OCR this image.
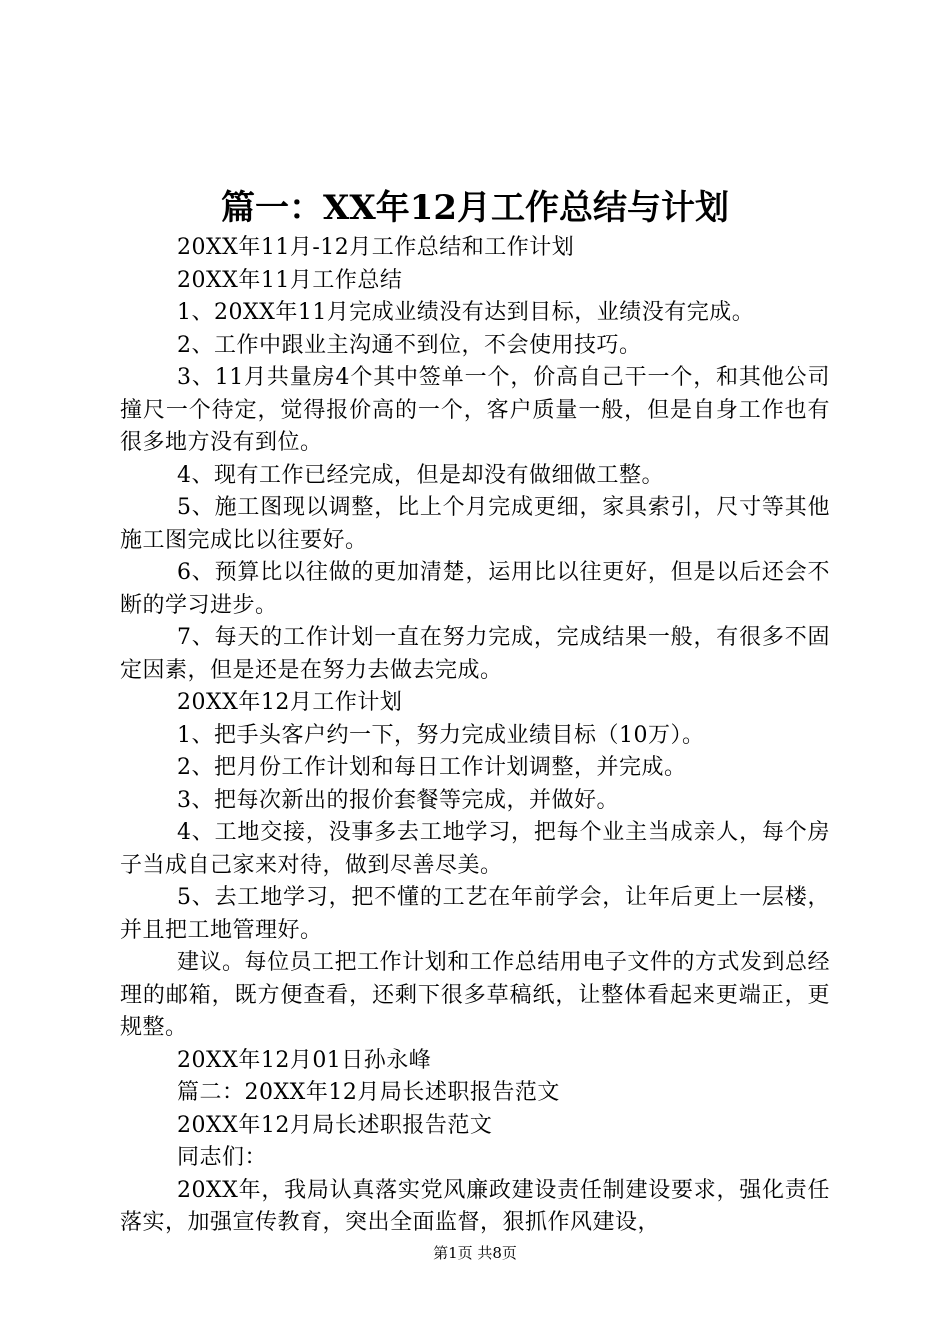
篇一：XX年12月工作总结与计划

20XX年11月-12月工作总结和工作计划

20XX年11月工作总结

1、20XX年11月完成业绩没有达到目标，业绩没有完成。

2、工作中跟业主沟通不到位，不会使用技巧。

3、11月共量房4个其中签单一个，价高自己干一个，和其他公司撞尺一个待定，觉得报价高的一个，客户质量一般，但是自身工作也有很多地方没有到位。

4、现有工作已经完成，但是却没有做细做工整。

5、施工图现以调整，比上个月完成更细，家具索引，尺寸等其他施工图完成比以往要好。

6、预算比以往做的更加清楚，运用比以往更好，但是以后还会不断的学习进步。

7、每天的工作计划一直在努力完成，完成结果一般，有很多不固定因素，但是还是在努力去做去完成。

20XX年12月工作计划

1、把手头客户约一下，努力完成业绩目标（10万）。

2、把月份工作计划和每日工作计划调整，并完成。

3、把每次新出的报价套餐等完成，并做好。

4、工地交接，没事多去工地学习，把每个业主当成亲人，每个房子当成自己家来对待，做到尽善尽美。

5、去工地学习，把不懂的工艺在年前学会，让年后更上一层楼，并且把工地管理好。

建议。每位员工把工作计划和工作总结用电子文件的方式发到总经理的邮箱，既方便查看，还剩下很多草稿纸，让整体看起来更端正，更规整。

20XX年12月01日孙永峰

篇二：20XX年12月局长述职报告范文

20XX年12月局长述职报告范文

同志们：

20XX年，我局认真落实党风廉政建设责任制建设要求，强化责任落实，加强宣传教育，突出全面监督，狠抓作风建设，

第1页 共8页
